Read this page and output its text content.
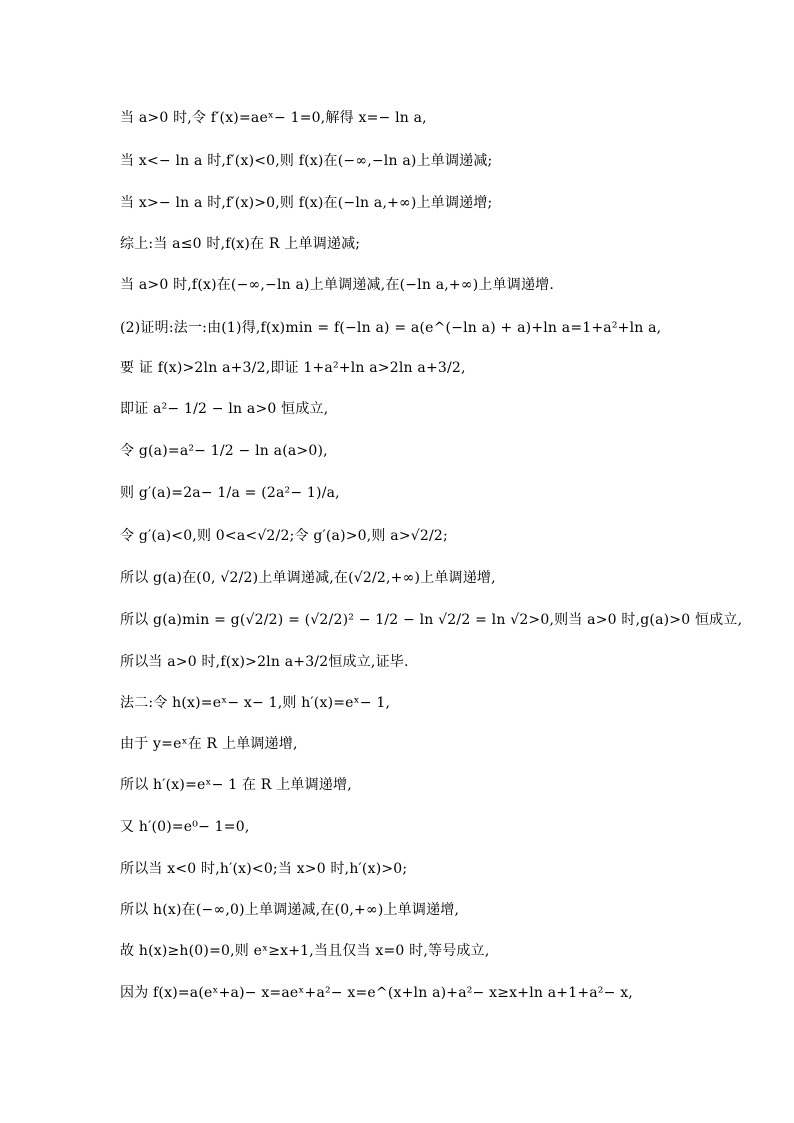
当 a>0 时,令 f′(x)=aeˣ− 1=0,解得 x=− ln a,
当 x<− ln a 时,f′(x)<0,则 f(x)在(−∞,−ln a)上单调递减;
当 x>− ln a 时,f′(x)>0,则 f(x)在(−ln a,+∞)上单调递增;
综上:当 a≤0 时,f(x)在 R 上单调递减;
当 a>0 时,f(x)在(−∞,−ln a)上单调递减,在(−ln a,+∞)上单调递增.
(2)证明:法一:由(1)得,f(x)min = f(−ln a) = a(e^(−ln a) + a)+ln a=1+a²+ln a,
要 证 f(x)>2ln a+3/2,即证 1+a²+ln a>2ln a+3/2,
即证 a²− 1/2 − ln a>0 恒成立,
令 g(a)=a²− 1/2 − ln a(a>0),
则 g′(a)=2a− 1/a = (2a²− 1)/a,
令 g′(a)<0,则 0<a<√2/2;令 g′(a)>0,则 a>√2/2;
所以 g(a)在(0, √2/2)上单调递减,在(√2/2,+∞)上单调递增,
所以 g(a)min = g(√2/2) = (√2/2)² − 1/2 − ln √2/2 = ln √2>0,则当 a>0 时,g(a)>0 恒成立,
所以当 a>0 时,f(x)>2ln a+3/2恒成立,证毕.
法二:令 h(x)=eˣ− x− 1,则 h′(x)=eˣ− 1,
由于 y=eˣ在 R 上单调递增,
所以 h′(x)=eˣ− 1 在 R 上单调递增,
又 h′(0)=e⁰− 1=0,
所以当 x<0 时,h′(x)<0;当 x>0 时,h′(x)>0;
所以 h(x)在(−∞,0)上单调递减,在(0,+∞)上单调递增,
故 h(x)≥h(0)=0,则 eˣ≥x+1,当且仅当 x=0 时,等号成立,
因为 f(x)=a(eˣ+a)− x=aeˣ+a²− x=e^(x+ln a)+a²− x≥x+ln a+1+a²− x,
